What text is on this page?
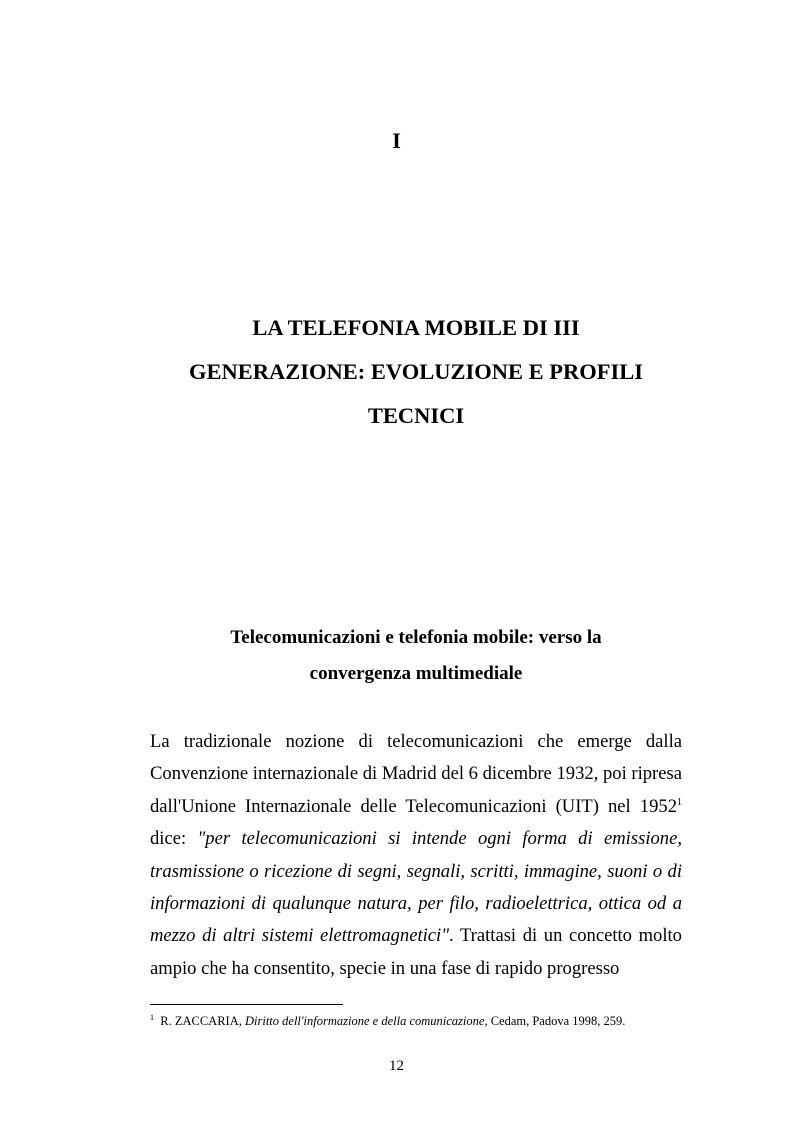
I
LA TELEFONIA MOBILE DI III
GENERAZIONE: EVOLUZIONE E PROFILI
TECNICI
Telecomunicazioni e telefonia mobile: verso la
convergenza multimediale

La tradizionale nozione di telecomunicazioni che emerge dalla Convenzione internazionale di Madrid del 6 dicembre 1932, poi ripresa dall'Unione Internazionale delle Telecomunicazioni (UIT) nel 1952$^1$ dice: "per telecomunicazioni si intende ogni forma di emissione, trasmissione o ricezione di segni, segnali, scritti, immagine, suoni o di informazioni di qualunque natura, per filo, radioelettrica, ottica od a mezzo di altri sistemi elettromagnetici". Trattasi di un concetto molto ampio che ha consentito, specie in una fase di rapido progresso

$^1$ R. ZACCARIA, Diritto dell'informazione e della comunicazione, Cedam, Padova 1998, 259.

12
